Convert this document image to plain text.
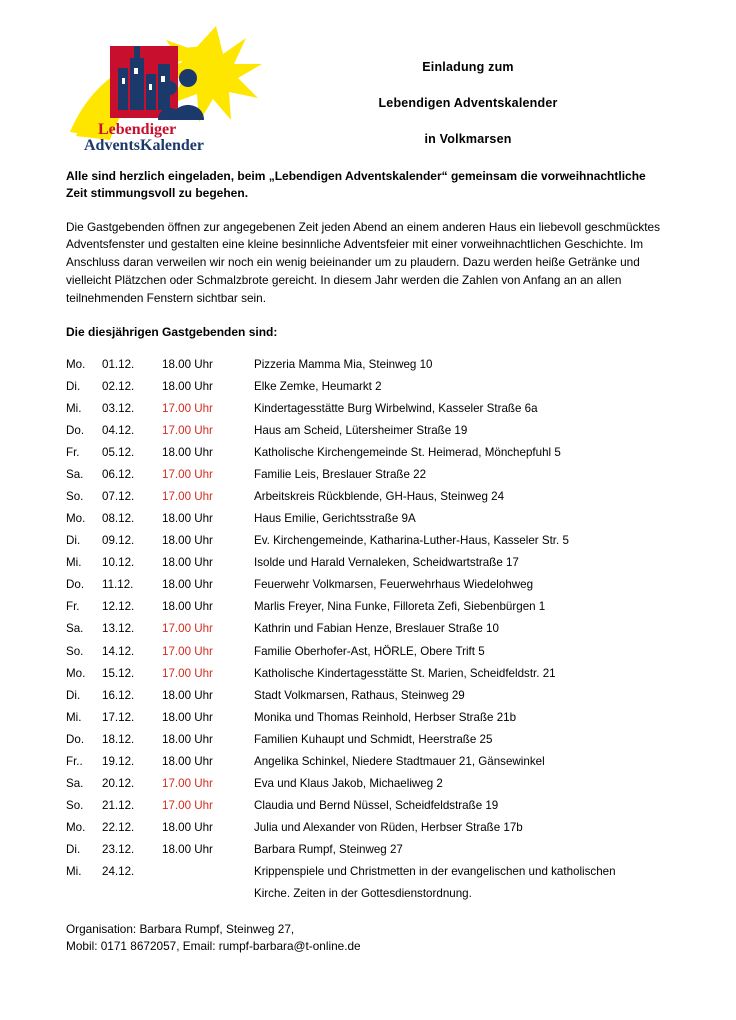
Lebendiger
AdventsKalender
Einladung zum
Lebendigen Adventskalender
in Volkmarsen

Alle sind herzlich eingeladen, beim „Lebendigen Adventskalender“ gemeinsam die vorweihnachtliche Zeit stimmungsvoll zu begehen.

Die Gastgebenden öffnen zur angegebenen Zeit jeden Abend an einem anderen Haus ein liebevoll geschmücktes Adventsfenster und gestalten eine kleine besinnliche Adventsfeier mit einer vorweihnachtlichen Geschichte. Im Anschluss daran verweilen wir noch ein wenig beieinander um zu plaudern. Dazu werden heiße Getränke und vielleicht Plätzchen oder Schmalzbrote gereicht. In diesem Jahr werden die Zahlen von Anfang an an allen teilnehmenden Fenstern sichtbar sein.

Die diesjährigen Gastgebenden sind:

Mo.	01.12.	18.00 Uhr	Pizzeria Mamma Mia, Steinweg 10
Di.	02.12.	18.00 Uhr	Elke Zemke, Heumarkt 2
Mi.	03.12.	17.00 Uhr	Kindertagesstätte Burg Wirbelwind, Kasseler Straße 6a
Do.	04.12.	17.00 Uhr	Haus am Scheid, Lütersheimer Straße 19
Fr.	05.12.	18.00 Uhr	Katholische Kirchengemeinde St. Heimerad, Mönchepfuhl 5
Sa.	06.12.	17.00 Uhr	Familie Leis, Breslauer Straße 22
So.	07.12.	17.00 Uhr	Arbeitskreis Rückblende, GH-Haus, Steinweg 24
Mo.	08.12.	18.00 Uhr	Haus Emilie, Gerichtsstraße 9A
Di.	09.12.	18.00 Uhr	Ev. Kirchengemeinde, Katharina-Luther-Haus, Kasseler Str. 5
Mi.	10.12.	18.00 Uhr	Isolde und Harald Vernaleken, Scheidwartstraße 17
Do.	11.12.	18.00 Uhr	Feuerwehr Volkmarsen, Feuerwehrhaus Wiedelohweg
Fr.	12.12.	18.00 Uhr	Marlis Freyer, Nina Funke, Filloreta Zefi, Siebenbürgen 1
Sa.	13.12.	17.00 Uhr	Kathrin und Fabian Henze, Breslauer Straße 10
So.	14.12.	17.00 Uhr	Familie Oberhofer-Ast, HÖRLE, Obere Trift 5
Mo.	15.12.	17.00 Uhr	Katholische Kindertagesstätte St. Marien, Scheidfeldstr. 21
Di.	16.12.	18.00 Uhr	Stadt Volkmarsen, Rathaus, Steinweg 29
Mi.	17.12.	18.00 Uhr	Monika und Thomas Reinhold, Herbser Straße 21b
Do.	18.12.	18.00 Uhr	Familien Kuhaupt und Schmidt, Heerstraße 25
Fr..	19.12.	18.00 Uhr	Angelika Schinkel, Niedere Stadtmauer 21, Gänsewinkel
Sa.	20.12.	17.00 Uhr	Eva und Klaus Jakob, Michaeliweg 2
So.	21.12.	17.00 Uhr	Claudia und Bernd Nüssel, Scheidfeldstraße 19
Mo.	22.12.	18.00 Uhr	Julia und Alexander von Rüden, Herbser Straße 17b
Di.	23.12.	18.00 Uhr	Barbara Rumpf, Steinweg 27
Mi.	24.12.		Krippenspiele und Christmetten in der evangelischen und katholischen
			Kirche. Zeiten in der Gottesdienstordnung.
Organisation: Barbara Rumpf, Steinweg 27,
Mobil: 0171 8672057, Email: rumpf-barbara@t-online.de
